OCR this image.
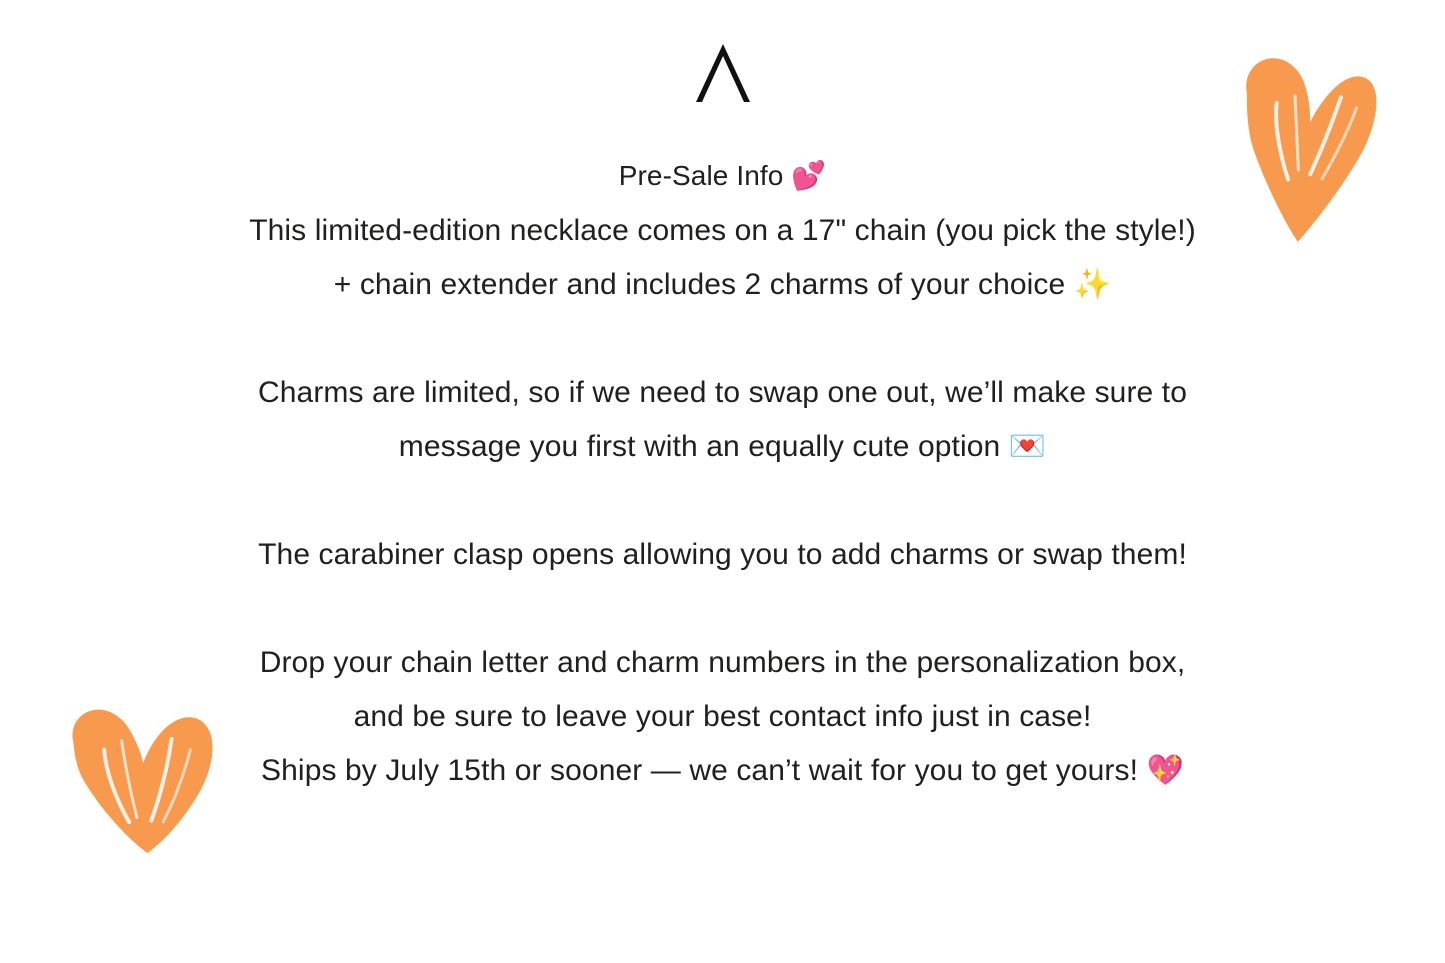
Pre-Sale Info 💕
This limited-edition necklace comes on a 17" chain (you pick the style!)
+ chain extender and includes 2 charms of your choice ✨
Charms are limited, so if we need to swap one out, we’ll make sure to
message you first with an equally cute option 💌
The carabiner clasp opens allowing you to add charms or swap them!
Drop your chain letter and charm numbers in the personalization box,
and be sure to leave your best contact info just in case!
Ships by July 15th or sooner — we can’t wait for you to get yours! 💖
